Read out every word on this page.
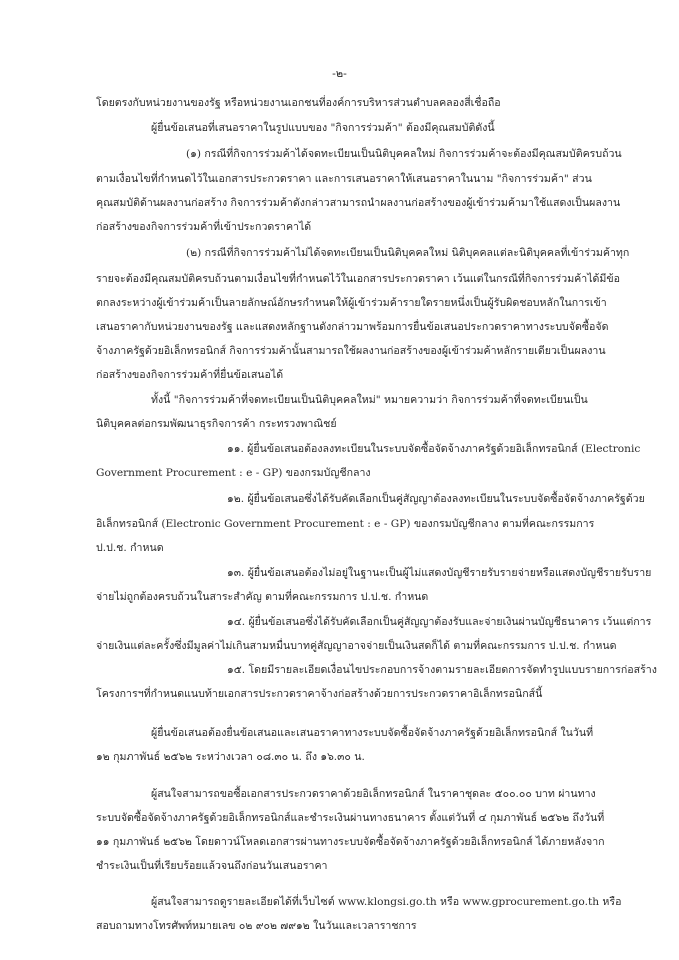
-๒-
โดยตรงกับหน่วยงานของรัฐ หรือหน่วยงานเอกชนที่องค์การบริหารส่วนตำบลคลองสี่เชื่อถือ
ผู้ยื่นข้อเสนอที่เสนอราคาในรูปแบบของ "กิจการร่วมค้า" ต้องมีคุณสมบัติดังนี้
(๑) กรณีที่กิจการร่วมค้าได้จดทะเบียนเป็นนิติบุคคลใหม่ กิจการร่วมค้าจะต้องมีคุณสมบัติครบถ้วน
ตามเงื่อนไขที่กำหนดไว้ในเอกสารประกวดราคา และการเสนอราคาให้เสนอราคาในนาม "กิจการร่วมค้า" ส่วน
คุณสมบัติด้านผลงานก่อสร้าง กิจการร่วมค้าดังกล่าวสามารถนำผลงานก่อสร้างของผู้เข้าร่วมค้ามาใช้แสดงเป็นผลงาน
ก่อสร้างของกิจการร่วมค้าที่เข้าประกวดราคาได้
(๒) กรณีที่กิจการร่วมค้าไม่ได้จดทะเบียนเป็นนิติบุคคลใหม่ นิติบุคคลแต่ละนิติบุคคลที่เข้าร่วมค้าทุก
รายจะต้องมีคุณสมบัติครบถ้วนตามเงื่อนไขที่กำหนดไว้ในเอกสารประกวดราคา เว้นแต่ในกรณีที่กิจการร่วมค้าได้มีข้อ
ตกลงระหว่างผู้เข้าร่วมค้าเป็นลายลักษณ์อักษรกำหนดให้ผู้เข้าร่วมค้ารายใดรายหนึ่งเป็นผู้รับผิดชอบหลักในการเข้า
เสนอราคากับหน่วยงานของรัฐ และแสดงหลักฐานดังกล่าวมาพร้อมการยื่นข้อเสนอประกวดราคาทางระบบจัดซื้อจัด
จ้างภาครัฐด้วยอิเล็กทรอนิกส์ กิจการร่วมค้านั้นสามารถใช้ผลงานก่อสร้างของผู้เข้าร่วมค้าหลักรายเดียวเป็นผลงาน
ก่อสร้างของกิจการร่วมค้าที่ยื่นข้อเสนอได้
ทั้งนี้ "กิจการร่วมค้าที่จดทะเบียนเป็นนิติบุคคลใหม่" หมายความว่า กิจการร่วมค้าที่จดทะเบียนเป็น
นิติบุคคลต่อกรมพัฒนาธุรกิจการค้า กระทรวงพาณิชย์
๑๑. ผู้ยื่นข้อเสนอต้องลงทะเบียนในระบบจัดซื้อจัดจ้างภาครัฐด้วยอิเล็กทรอนิกส์ (Electronic
Government Procurement : e - GP) ของกรมบัญชีกลาง
๑๒. ผู้ยื่นข้อเสนอซึ่งได้รับคัดเลือกเป็นคู่สัญญาต้องลงทะเบียนในระบบจัดซื้อจัดจ้างภาครัฐด้วย
อิเล็กทรอนิกส์ (Electronic Government Procurement : e - GP) ของกรมบัญชีกลาง ตามที่คณะกรรมการ
ป.ป.ช. กำหนด
๑๓. ผู้ยื่นข้อเสนอต้องไม่อยู่ในฐานะเป็นผู้ไม่แสดงบัญชีรายรับรายจ่ายหรือแสดงบัญชีรายรับราย
จ่ายไม่ถูกต้องครบถ้วนในสาระสำคัญ ตามที่คณะกรรมการ ป.ป.ช. กำหนด
๑๔. ผู้ยื่นข้อเสนอซึ่งได้รับคัดเลือกเป็นคู่สัญญาต้องรับและจ่ายเงินผ่านบัญชีธนาคาร เว้นแต่การ
จ่ายเงินแต่ละครั้งซึ่งมีมูลค่าไม่เกินสามหมื่นบาทคู่สัญญาอาจจ่ายเป็นเงินสดก็ได้ ตามที่คณะกรรมการ ป.ป.ช. กำหนด
๑๕. โดยมีรายละเอียดเงื่อนไขประกอบการจ้างตามรายละเอียดการจัดทำรูปแบบรายการก่อสร้าง
โครงการฯที่กำหนดแนบท้ายเอกสารประกวดราคาจ้างก่อสร้างด้วยการประกวดราคาอิเล็กทรอนิกส์นี้
ผู้ยื่นข้อเสนอต้องยื่นข้อเสนอและเสนอราคาทางระบบจัดซื้อจัดจ้างภาครัฐด้วยอิเล็กทรอนิกส์ ในวันที่
๑๒ กุมภาพันธ์ ๒๕๖๒ ระหว่างเวลา ๐๘.๓๐ น. ถึง ๑๖.๓๐ น.
ผู้สนใจสามารถขอซื้อเอกสารประกวดราคาด้วยอิเล็กทรอนิกส์ ในราคาชุดละ ๕๐๐.๐๐ บาท ผ่านทาง
ระบบจัดซื้อจัดจ้างภาครัฐด้วยอิเล็กทรอนิกส์และชำระเงินผ่านทางธนาคาร ตั้งแต่วันที่ ๔ กุมภาพันธ์ ๒๕๖๒ ถึงวันที่
๑๑ กุมภาพันธ์ ๒๕๖๒ โดยดาวน์โหลดเอกสารผ่านทางระบบจัดซื้อจัดจ้างภาครัฐด้วยอิเล็กทรอนิกส์ ได้ภายหลังจาก
ชำระเงินเป็นที่เรียบร้อยแล้วจนถึงก่อนวันเสนอราคา
ผู้สนใจสามารถดูรายละเอียดได้ที่เว็บไซต์ www.klongsi.go.th หรือ www.gprocurement.go.th หรือ
สอบถามทางโทรศัพท์หมายเลข ๐๒ ๙๐๒ ๗๙๑๒ ในวันและเวลาราชการ
